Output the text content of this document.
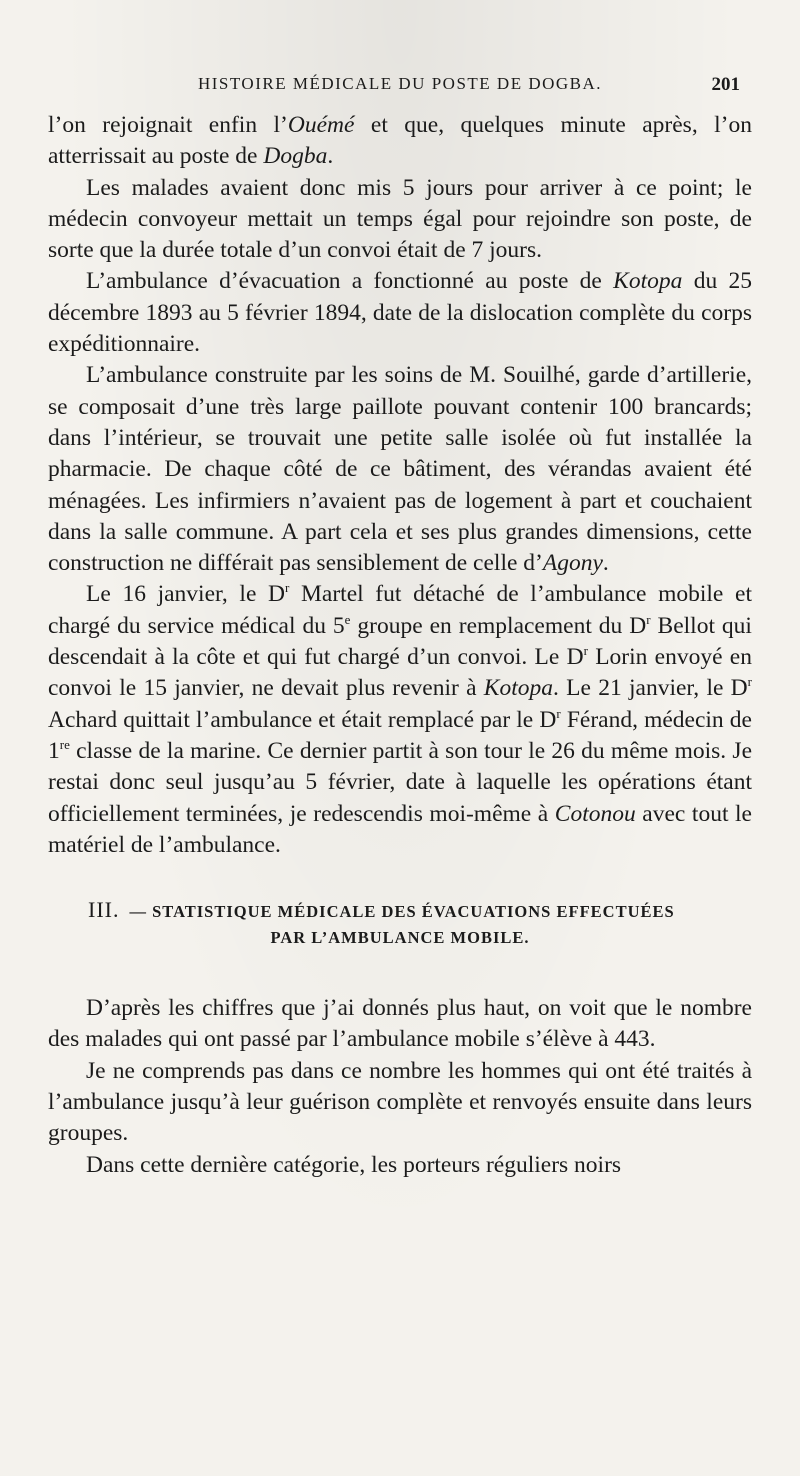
HISTOIRE MÉDICALE DU POSTE DE DOGBA.	201

l’on rejoignait enfin l’Ouémé et que, quelques minute après, l’on atterrissait au poste de Dogba.

Les malades avaient donc mis 5 jours pour arriver à ce point; le médecin convoyeur mettait un temps égal pour rejoindre son poste, de sorte que la durée totale d’un convoi était de 7 jours.

L’ambulance d’évacuation a fonctionné au poste de Kotopa du 25 décembre 1893 au 5 février 1894, date de la dislocation complète du corps expéditionnaire.

L’ambulance construite par les soins de M. Souilhé, garde d’artillerie, se composait d’une très large paillote pouvant contenir 100 brancards; dans l’intérieur, se trouvait une petite salle isolée où fut installée la pharmacie. De chaque côté de ce bâtiment, des vérandas avaient été ménagées. Les infirmiers n’avaient pas de logement à part et couchaient dans la salle commune. A part cela et ses plus grandes dimensions, cette construction ne différait pas sensiblement de celle d’Agony.

Le 16 janvier, le $D^r$ Martel fut détaché de l’ambulance mobile et chargé du service médical du 5e groupe en remplacement du $D^r$ Bellot qui descendait à la côte et qui fut chargé d’un convoi. Le $D^r$ Lorin envoyé en convoi le 15 janvier, ne devait plus revenir à Kotopa. Le 21 janvier, le $D^r$ Achard quittait l’ambulance et était remplacé par le $D^r$ Férand, médecin de 1re classe de la marine. Ce dernier partit à son tour le 26 du même mois. Je restai donc seul jusqu’au 5 février, date à laquelle les opérations étant officiellement terminées, je redescendis moi-même à Cotonou avec tout le matériel de l’ambulance.

III. — STATISTIQUE MÉDICALE DES ÉVACUATIONS EFFECTUÉES
PAR L’AMBULANCE MOBILE.

D’après les chiffres que j’ai donnés plus haut, on voit que le nombre des malades qui ont passé par l’ambulance mobile s’élève à 443.

Je ne comprends pas dans ce nombre les hommes qui ont été traités à l’ambulance jusqu’à leur guérison complète et renvoyés ensuite dans leurs groupes.

Dans cette dernière catégorie, les porteurs réguliers noirs
